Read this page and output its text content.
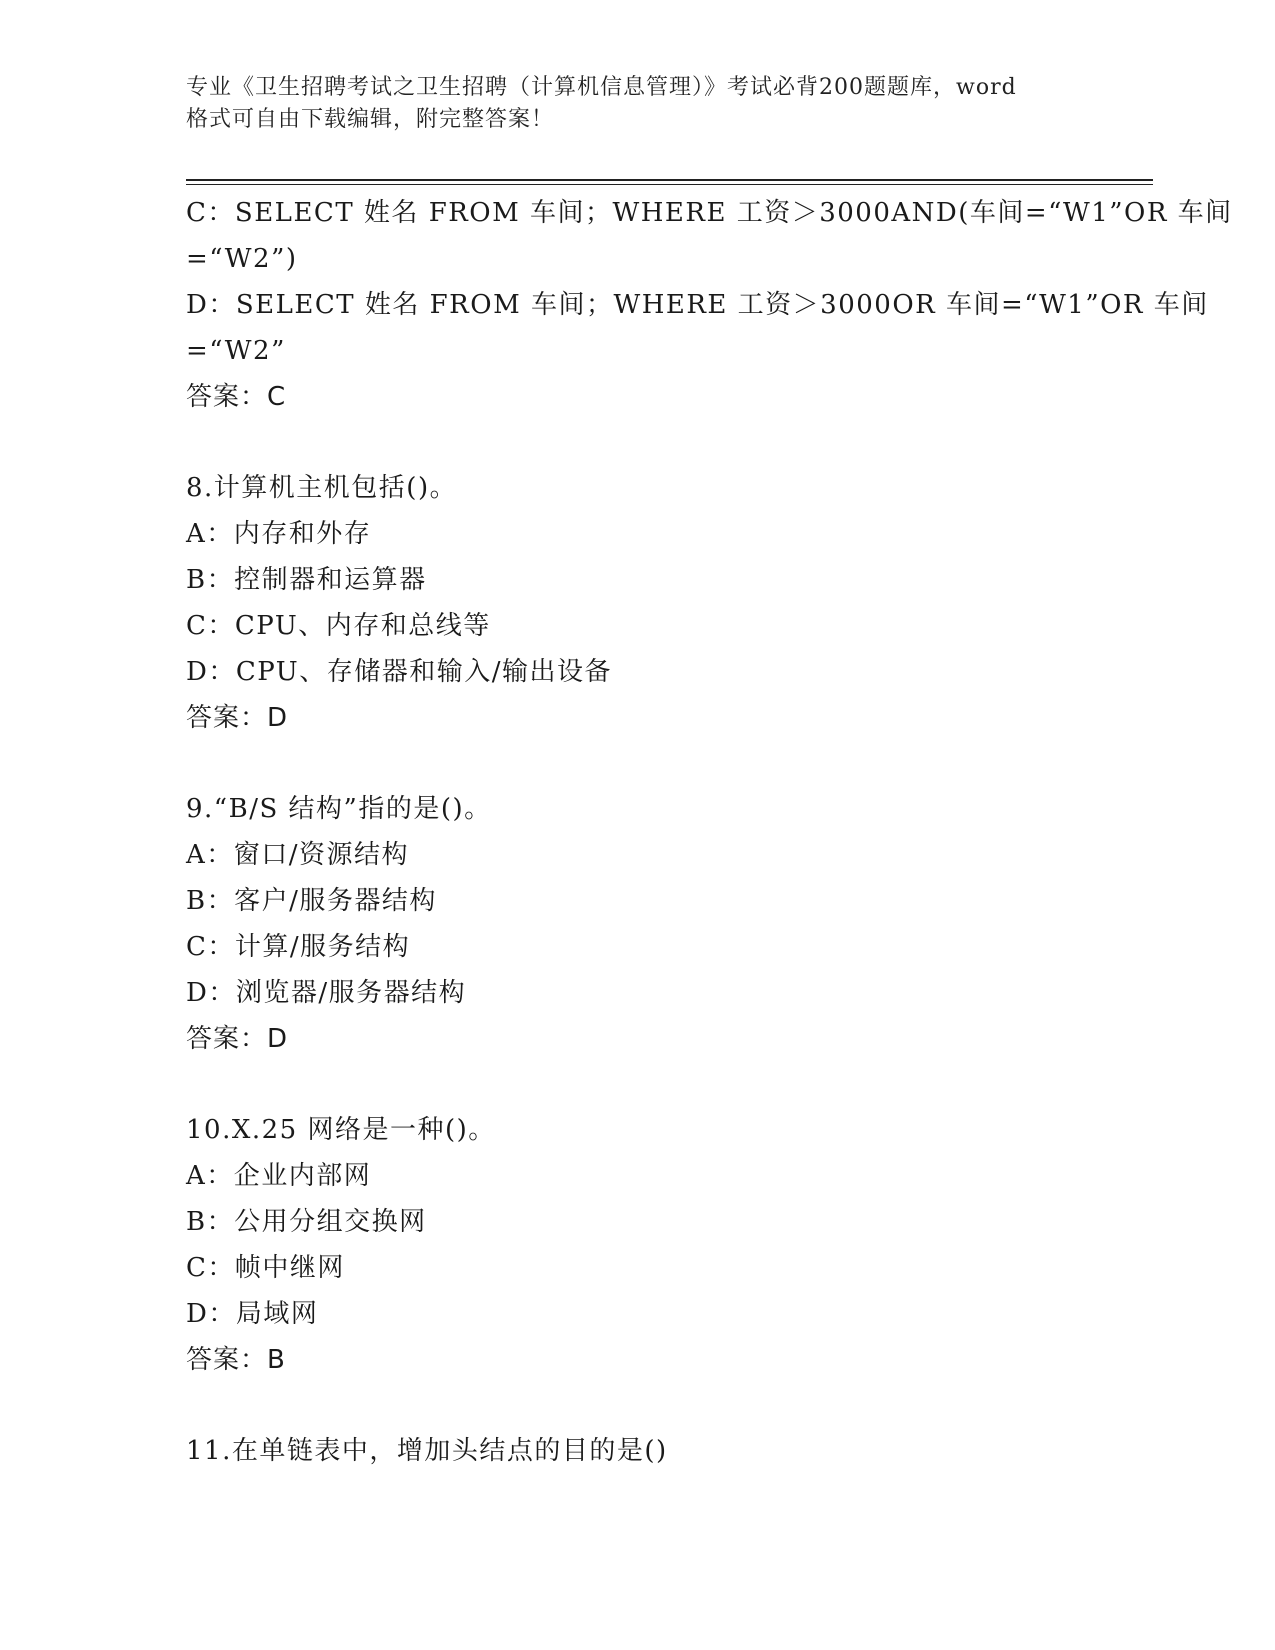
专业《卫生招聘考试之卫生招聘（计算机信息管理）》考试必背200题题库，word
格式可自由下载编辑，附完整答案！
C：SELECT 姓名 FROM 车间；WHERE 工资＞3000AND(车间=“W1”OR 车间
=“W2”)
D：SELECT 姓名 FROM 车间；WHERE 工资＞3000OR 车间=“W1”OR 车间
=“W2”
答案：C
8.计算机主机包括()。
A：内存和外存
B：控制器和运算器
C：CPU、内存和总线等
D：CPU、存储器和输入/输出设备
答案：D
9.“B/S 结构”指的是()。
A：窗口/资源结构
B：客户/服务器结构
C：计算/服务结构
D：浏览器/服务器结构
答案：D
10.X.25 网络是一种()。
A：企业内部网
B：公用分组交换网
C：帧中继网
D：局域网
答案：B
11.在单链表中，增加头结点的目的是()
